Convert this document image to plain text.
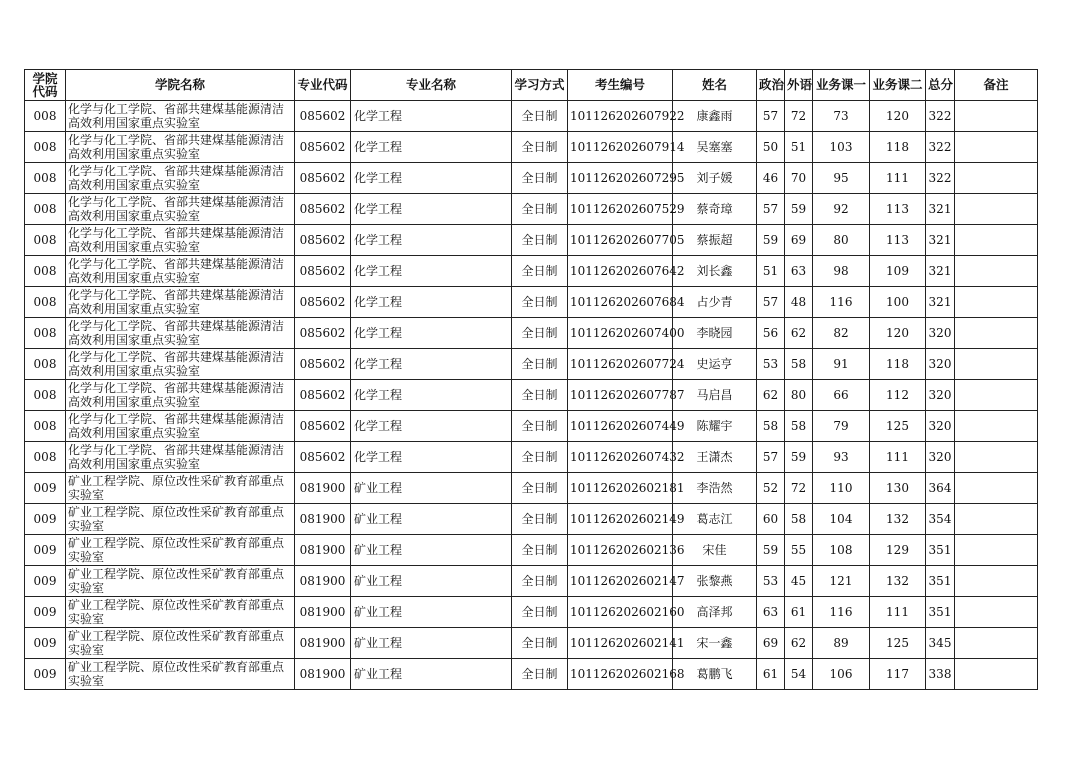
学院代码	学院名称	专业代码	专业名称	学习方式	考生编号	姓名	政治	外语	业务课一	业务课二	总分	备注
008	化学与化工学院、省部共建煤基能源清洁高效利用国家重点实验室	085602	化学工程	全日制	101126202607922	康鑫雨	57	72	73	120	322	
008	化学与化工学院、省部共建煤基能源清洁高效利用国家重点实验室	085602	化学工程	全日制	101126202607914	吴塞塞	50	51	103	118	322	
008	化学与化工学院、省部共建煤基能源清洁高效利用国家重点实验室	085602	化学工程	全日制	101126202607295	刘子媛	46	70	95	111	322	
008	化学与化工学院、省部共建煤基能源清洁高效利用国家重点实验室	085602	化学工程	全日制	101126202607529	蔡奇璋	57	59	92	113	321	
008	化学与化工学院、省部共建煤基能源清洁高效利用国家重点实验室	085602	化学工程	全日制	101126202607705	蔡振超	59	69	80	113	321	
008	化学与化工学院、省部共建煤基能源清洁高效利用国家重点实验室	085602	化学工程	全日制	101126202607642	刘长鑫	51	63	98	109	321	
008	化学与化工学院、省部共建煤基能源清洁高效利用国家重点实验室	085602	化学工程	全日制	101126202607684	占少青	57	48	116	100	321	
008	化学与化工学院、省部共建煤基能源清洁高效利用国家重点实验室	085602	化学工程	全日制	101126202607400	李晓园	56	62	82	120	320	
008	化学与化工学院、省部共建煤基能源清洁高效利用国家重点实验室	085602	化学工程	全日制	101126202607724	史运亨	53	58	91	118	320	
008	化学与化工学院、省部共建煤基能源清洁高效利用国家重点实验室	085602	化学工程	全日制	101126202607787	马启昌	62	80	66	112	320	
008	化学与化工学院、省部共建煤基能源清洁高效利用国家重点实验室	085602	化学工程	全日制	101126202607449	陈耀宇	58	58	79	125	320	
008	化学与化工学院、省部共建煤基能源清洁高效利用国家重点实验室	085602	化学工程	全日制	101126202607432	王潇杰	57	59	93	111	320	
009	矿业工程学院、原位改性采矿教育部重点实验室	081900	矿业工程	全日制	101126202602181	李浩然	52	72	110	130	364	
009	矿业工程学院、原位改性采矿教育部重点实验室	081900	矿业工程	全日制	101126202602149	葛志江	60	58	104	132	354	
009	矿业工程学院、原位改性采矿教育部重点实验室	081900	矿业工程	全日制	101126202602136	宋佳	59	55	108	129	351	
009	矿业工程学院、原位改性采矿教育部重点实验室	081900	矿业工程	全日制	101126202602147	张黎燕	53	45	121	132	351	
009	矿业工程学院、原位改性采矿教育部重点实验室	081900	矿业工程	全日制	101126202602160	高泽邦	63	61	116	111	351	
009	矿业工程学院、原位改性采矿教育部重点实验室	081900	矿业工程	全日制	101126202602141	宋一鑫	69	62	89	125	345	
009	矿业工程学院、原位改性采矿教育部重点实验室	081900	矿业工程	全日制	101126202602168	葛鹏飞	61	54	106	117	338	
